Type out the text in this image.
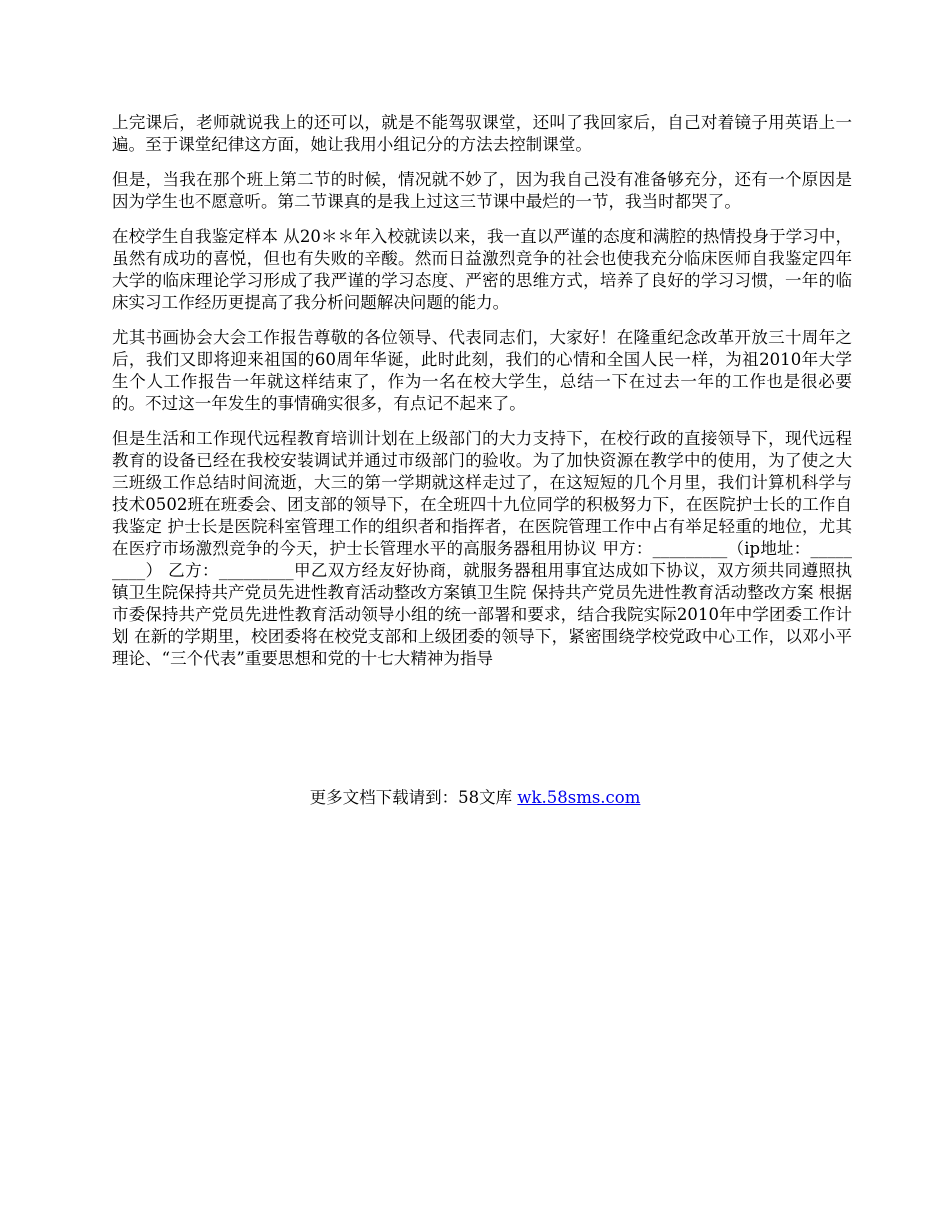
上完课后，老师就说我上的还可以，就是不能驾驭课堂，还叫了我回家后，自己对着镜子用英语上一遍。至于课堂纪律这方面，她让我用小组记分的方法去控制课堂。

但是，当我在那个班上第二节的时候，情况就不妙了，因为我自己没有准备够充分，还有一个原因是因为学生也不愿意听。第二节课真的是我上过这三节课中最烂的一节，我当时都哭了。

在校学生自我鉴定样本 从20＊＊年入校就读以来，我一直以严谨的态度和满腔的热情投身于学习中，虽然有成功的喜悦，但也有失败的辛酸。然而日益激烈竞争的社会也使我充分临床医师自我鉴定四年大学的临床理论学习形成了我严谨的学习态度、严密的思维方式，培养了良好的学习习惯，一年的临床实习工作经历更提高了我分析问题解决问题的能力。

尤其书画协会大会工作报告尊敬的各位领导、代表同志们，大家好！在隆重纪念改革开放三十周年之后，我们又即将迎来祖国的60周年华诞，此时此刻，我们的心情和全国人民一样，为祖2010年大学生个人工作报告一年就这样结束了，作为一名在校大学生，总结一下在过去一年的工作也是很必要的。不过这一年发生的事情确实很多，有点记不起来了。

但是生活和工作现代远程教育培训计划在上级部门的大力支持下，在校行政的直接领导下，现代远程教育的设备已经在我校安装调试并通过市级部门的验收。为了加快资源在教学中的使用，为了使之大三班级工作总结时间流逝，大三的第一学期就这样走过了，在这短短的几个月里，我们计算机科学与技术0502班在班委会、团支部的领导下，在全班四十九位同学的积极努力下，在医院护士长的工作自我鉴定 护士长是医院科室管理工作的组织者和指挥者，在医院管理工作中占有举足轻重的地位，尤其在医疗市场激烈竞争的今天，护士长管理水平的高服务器租用协议 甲方：_________（ip地址：_________） 乙方：_________甲乙双方经友好协商，就服务器租用事宜达成如下协议，双方须共同遵照执镇卫生院保持共产党员先进性教育活动整改方案镇卫生院 保持共产党员先进性教育活动整改方案 根据市委保持共产党员先进性教育活动领导小组的统一部署和要求，结合我院实际2010年中学团委工作计划 在新的学期里，校团委将在校党支部和上级团委的领导下，紧密围绕学校党政中心工作，以邓小平理论、“三个代表”重要思想和党的十七大精神为指导

更多文档下载请到：58文库 wk.58sms.com
